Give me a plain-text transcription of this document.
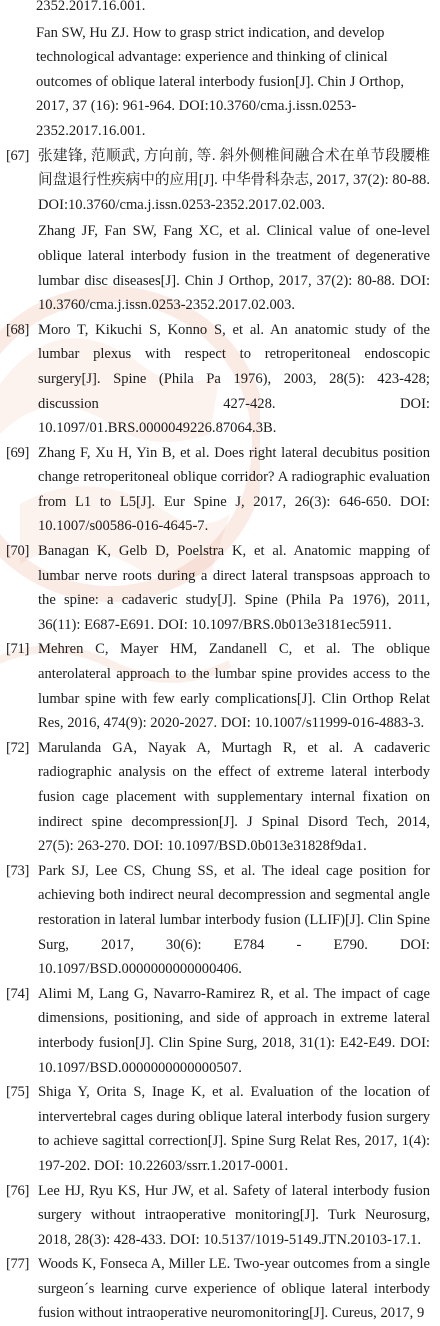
2352.2017.16.001.
Fan SW, Hu ZJ. How to grasp strict indication, and develop technological advantage: experience and thinking of clinical outcomes of oblique lateral interbody fusion[J]. Chin J Orthop, 2017, 37 (16): 961-964. DOI:10.3760/cma.j.issn.0253-2352.2017.16.001.
[67] 张建锋, 范顺武, 方向前, 等. 斜外侧椎间融合术在单节段腰椎间盘退行性疾病中的应用[J]. 中华骨科杂志, 2017, 37(2): 80-88. DOI:10.3760/cma.j.issn.0253-2352.2017.02.003.
Zhang JF, Fan SW, Fang XC, et al. Clinical value of one-level oblique lateral interbody fusion in the treatment of degenerative lumbar disc diseases[J]. Chin J Orthop, 2017, 37(2): 80-88. DOI: 10.3760/cma.j.issn.0253-2352.2017.02.003.
[68] Moro T, Kikuchi S, Konno S, et al. An anatomic study of the lumbar plexus with respect to retroperitoneal endoscopic surgery[J]. Spine (Phila Pa 1976), 2003, 28(5): 423-428; discussion 427-428. DOI: 10.1097/01.BRS.0000049226.87064.3B.
[69] Zhang F, Xu H, Yin B, et al. Does right lateral decubitus position change retroperitoneal oblique corridor? A radiographic evaluation from L1 to L5[J]. Eur Spine J, 2017, 26(3): 646-650. DOI: 10.1007/s00586-016-4645-7.
[70] Banagan K, Gelb D, Poelstra K, et al. Anatomic mapping of lumbar nerve roots during a direct lateral transpsoas approach to the spine: a cadaveric study[J]. Spine (Phila Pa 1976), 2011, 36(11): E687-E691. DOI: 10.1097/BRS.0b013e3181ec5911.
[71] Mehren C, Mayer HM, Zandanell C, et al. The oblique anterolateral approach to the lumbar spine provides access to the lumbar spine with few early complications[J]. Clin Orthop Relat Res, 2016, 474(9): 2020-2027. DOI: 10.1007/s11999-016-4883-3.
[72] Marulanda GA, Nayak A, Murtagh R, et al. A cadaveric radiographic analysis on the effect of extreme lateral interbody fusion cage placement with supplementary internal fixation on indirect spine decompression[J]. J Spinal Disord Tech, 2014, 27(5): 263-270. DOI: 10.1097/BSD.0b013e31828f9da1.
[73] Park SJ, Lee CS, Chung SS, et al. The ideal cage position for achieving both indirect neural decompression and segmental angle restoration in lateral lumbar interbody fusion (LLIF)[J]. Clin Spine Surg, 2017, 30(6): E784 - E790. DOI: 10.1097/BSD.0000000000000406.
[74] Alimi M, Lang G, Navarro-Ramirez R, et al. The impact of cage dimensions, positioning, and side of approach in extreme lateral interbody fusion[J]. Clin Spine Surg, 2018, 31(1): E42-E49. DOI: 10.1097/BSD.0000000000000507.
[75] Shiga Y, Orita S, Inage K, et al. Evaluation of the location of intervertebral cages during oblique lateral interbody fusion surgery to achieve sagittal correction[J]. Spine Surg Relat Res, 2017, 1(4): 197-202. DOI: 10.22603/ssrr.1.2017-0001.
[76] Lee HJ, Ryu KS, Hur JW, et al. Safety of lateral interbody fusion surgery without intraoperative monitoring[J]. Turk Neurosurg, 2018, 28(3): 428-433. DOI: 10.5137/1019-5149.JTN.20103-17.1.
[77] Woods K, Fonseca A, Miller LE. Two-year outcomes from a single surgeon´s learning curve experience of oblique lateral interbody fusion without intraoperative neuromonitoring[J]. Cureus, 2017, 9
